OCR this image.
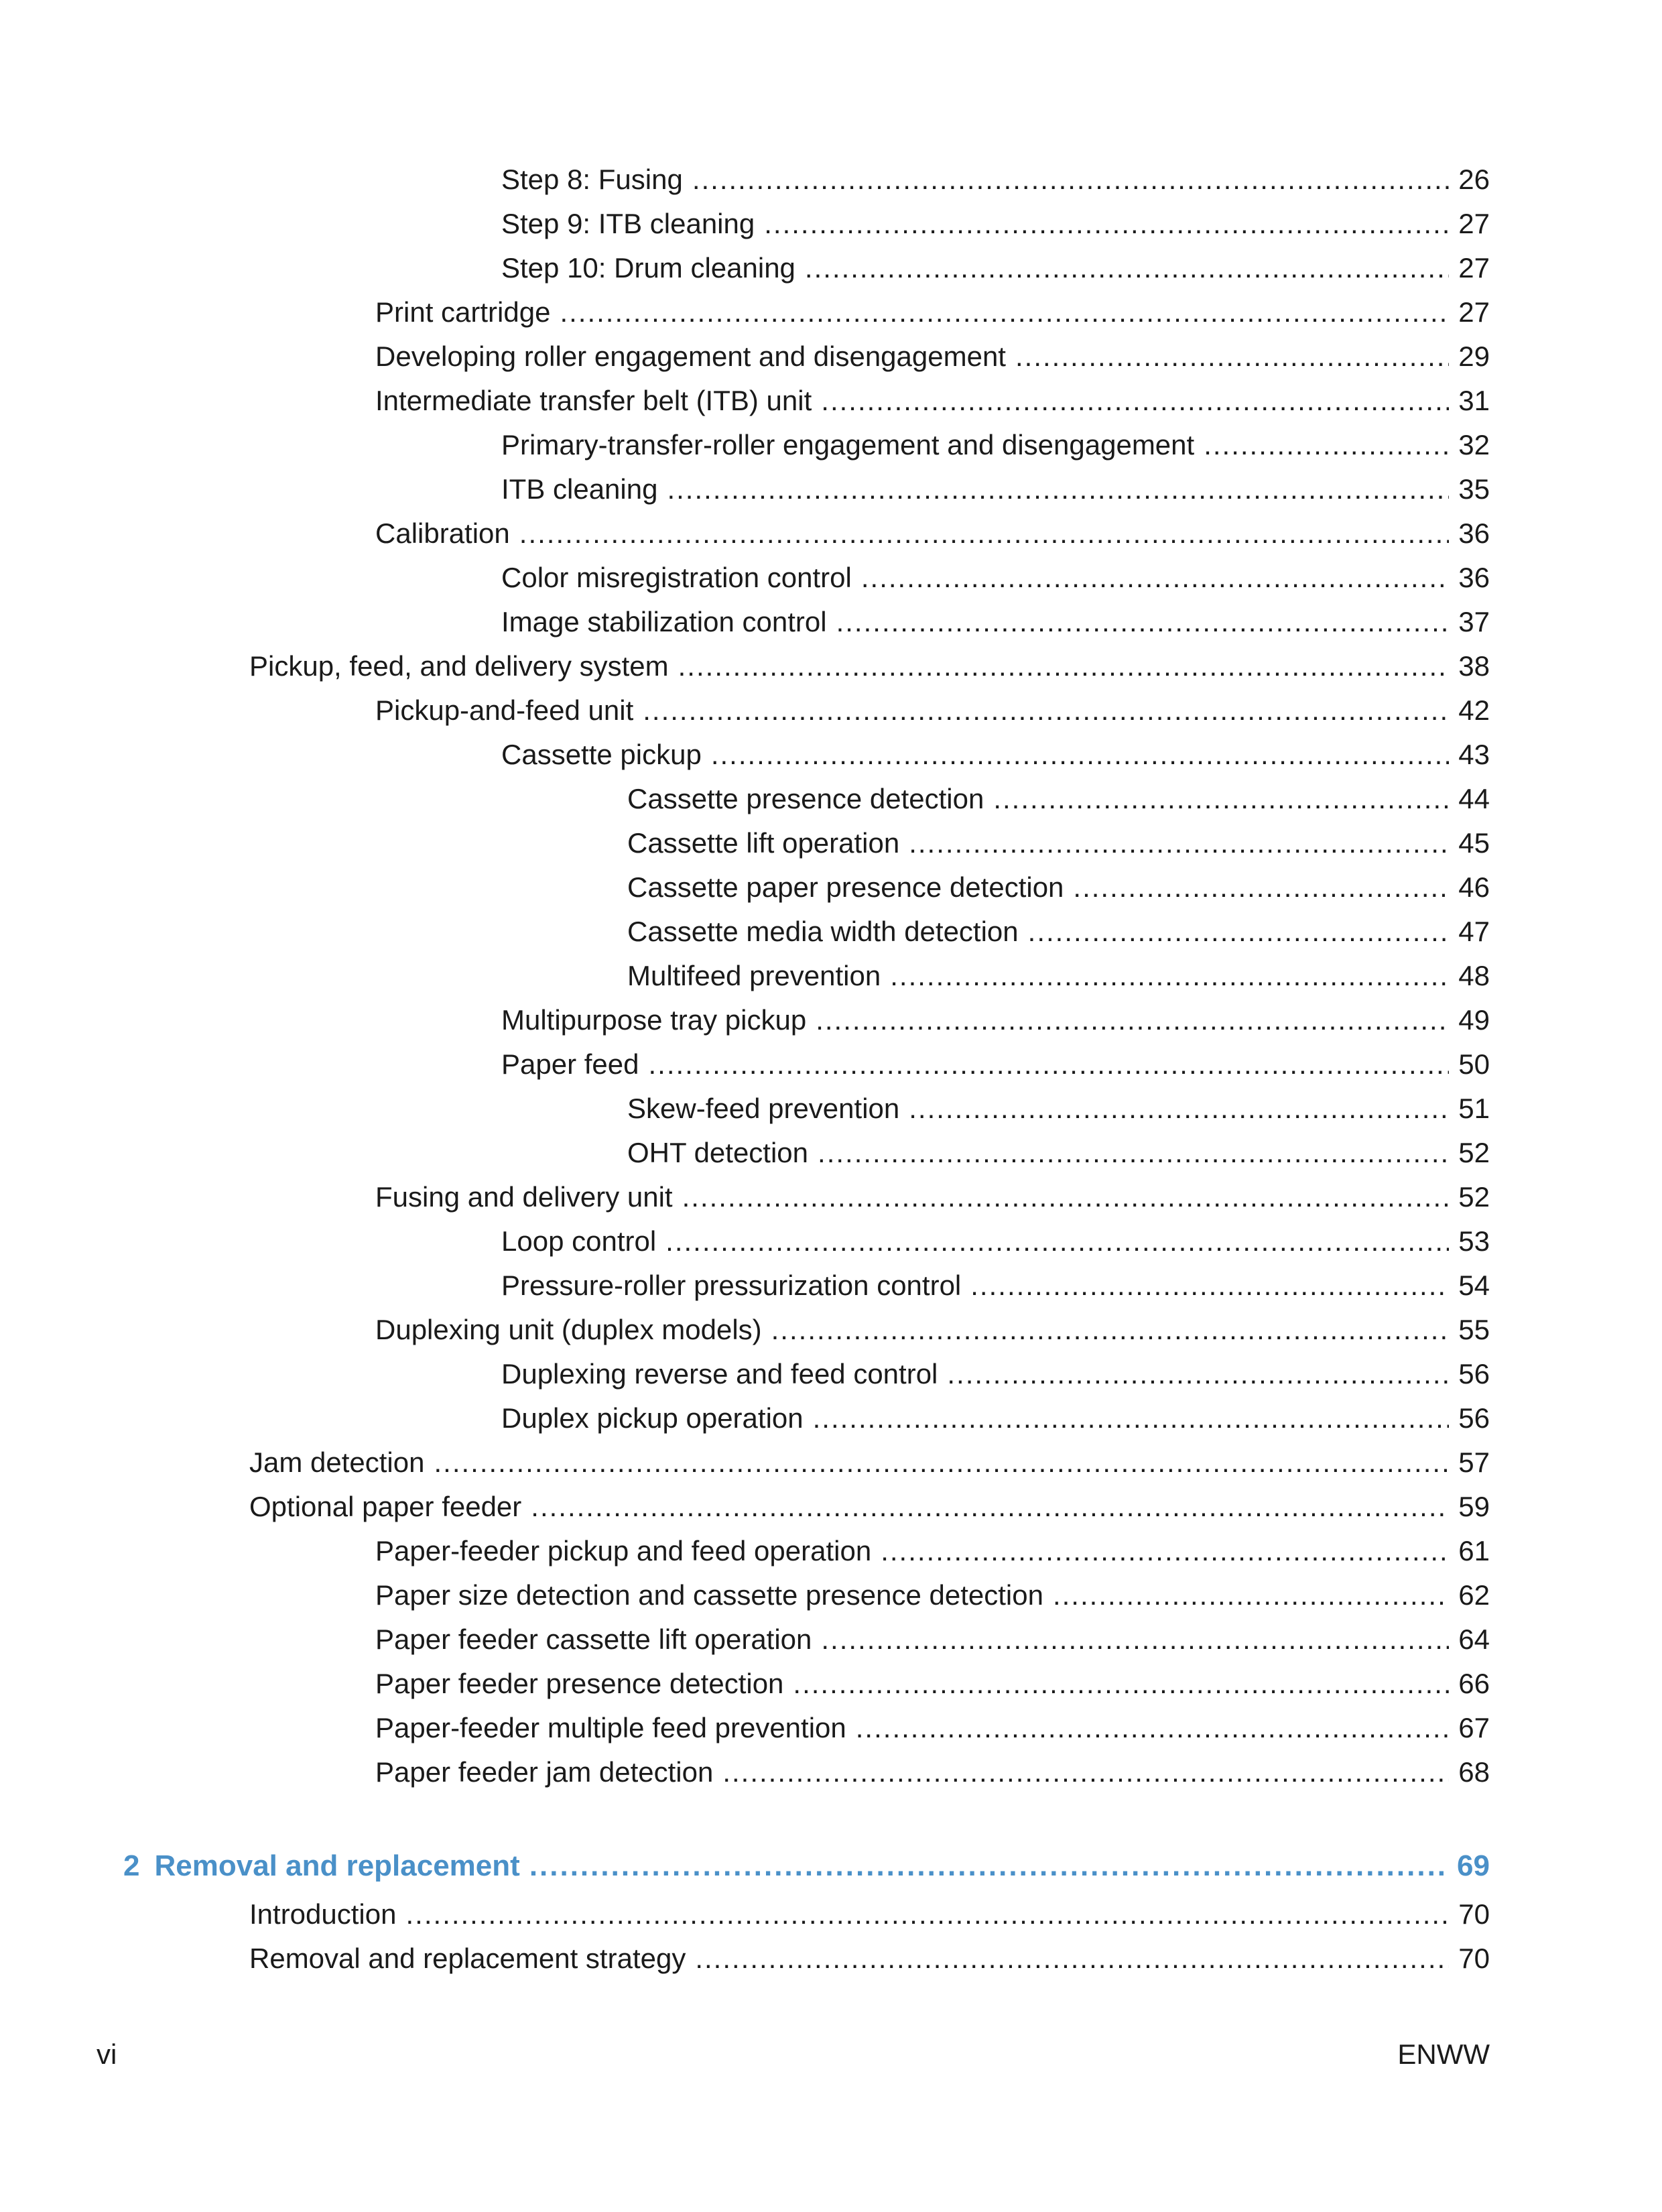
Step 8: Fusing .....	26
Step 9: ITB cleaning .....	27
Step 10: Drum cleaning .....	27
Print cartridge .....	27
Developing roller engagement and disengagement .....	29
Intermediate transfer belt (ITB) unit .....	31
Primary-transfer-roller engagement and disengagement .....	32
ITB cleaning .....	35
Calibration .....	36
Color misregistration control .....	36
Image stabilization control .....	37
Pickup, feed, and delivery system .....	38
Pickup-and-feed unit .....	42
Cassette pickup .....	43
Cassette presence detection .....	44
Cassette lift operation .....	45
Cassette paper presence detection .....	46
Cassette media width detection .....	47
Multifeed prevention .....	48
Multipurpose tray pickup .....	49
Paper feed .....	50
Skew-feed prevention .....	51
OHT detection .....	52
Fusing and delivery unit .....	52
Loop control .....	53
Pressure-roller pressurization control .....	54
Duplexing unit (duplex models) .....	55
Duplexing reverse and feed control .....	56
Duplex pickup operation .....	56
Jam detection .....	57
Optional paper feeder .....	59
Paper-feeder pickup and feed operation .....	61
Paper size detection and cassette presence detection .....	62
Paper feeder cassette lift operation .....	64
Paper feeder presence detection .....	66
Paper-feeder multiple feed prevention .....	67
Paper feeder jam detection .....	68
2 Removal and replacement .....	69
Introduction .....	70
Removal and replacement strategy .....	70
vi	ENWW
